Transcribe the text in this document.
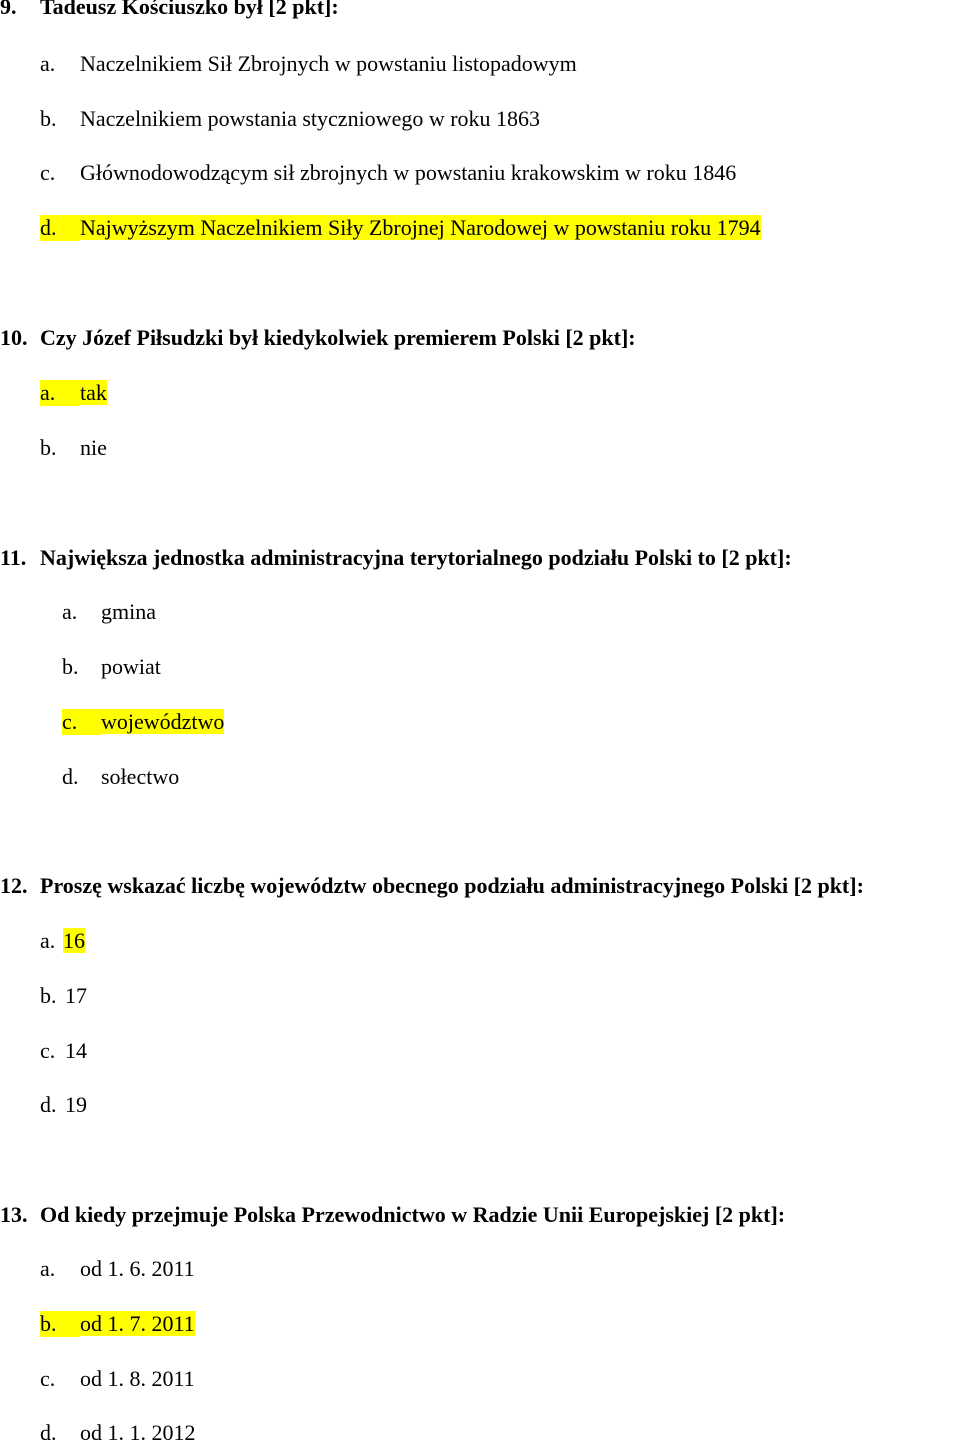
9. Tadeusz Kościuszko był [2 pkt]:
a. Naczelnikiem Sił Zbrojnych w powstaniu listopadowym
b. Naczelnikiem powstania styczniowego w roku 1863
c. Głównodowodzącym sił zbrojnych w powstaniu krakowskim w roku 1846
d. Najwyższym Naczelnikiem Siły Zbrojnej Narodowej w powstaniu roku 1794
10. Czy Józef Piłsudzki był kiedykolwiek premierem Polski [2 pkt]:
a. tak
b. nie
11. Największa jednostka administracyjna terytorialnego podziału Polski to [2 pkt]:
a. gmina
b. powiat
c. województwo
d. sołectwo
12. Proszę wskazać liczbę województw obecnego podziału administracyjnego Polski [2 pkt]:
a. 16
b. 17
c. 14
d. 19
13. Od kiedy przejmuje Polska Przewodnictwo w Radzie Unii Europejskiej [2 pkt]:
a. od 1. 6. 2011
b. od 1. 7. 2011
c. od 1. 8. 2011
d. od 1. 1. 2012
